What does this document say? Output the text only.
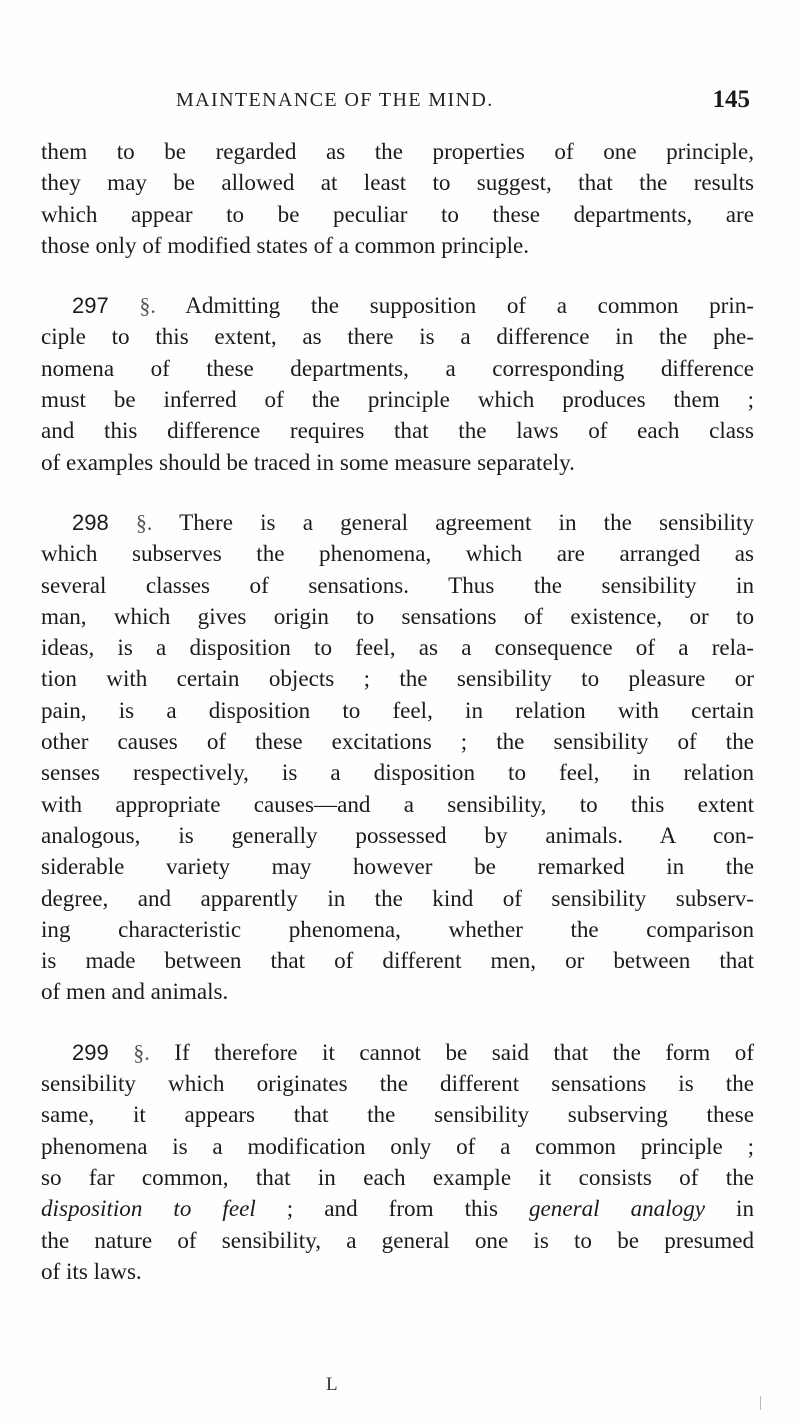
MAINTENANCE OF THE MIND.	145
them to be regarded as the properties of one principle,
they may be allowed at least to suggest, that the results
which appear to be peculiar to these departments, are
those only of modified states of a common principle.
297 §. Admitting the supposition of a common prin-
ciple to this extent, as there is a difference in the phe-
nomena of these departments, a corresponding difference
must be inferred of the principle which produces them ;
and this difference requires that the laws of each class
of examples should be traced in some measure separately.
298 §. There is a general agreement in the sensibility
which subserves the phenomena, which are arranged as
several classes of sensations. Thus the sensibility in
man, which gives origin to sensations of existence, or to
ideas, is a disposition to feel, as a consequence of a rela-
tion with certain objects ; the sensibility to pleasure or
pain, is a disposition to feel, in relation with certain
other causes of these excitations ; the sensibility of the
senses respectively, is a disposition to feel, in relation
with appropriate causes—and a sensibility, to this extent
analogous, is generally possessed by animals. A con-
siderable variety may however be remarked in the
degree, and apparently in the kind of sensibility subserv-
ing characteristic phenomena, whether the comparison
is made between that of different men, or between that
of men and animals.
299 §. If therefore it cannot be said that the form of
sensibility which originates the different sensations is the
same, it appears that the sensibility subserving these
phenomena is a modification only of a common principle ;
so far common, that in each example it consists of the
disposition to feel ; and from this general analogy in
the nature of sensibility, a general one is to be presumed
of its laws.
L
